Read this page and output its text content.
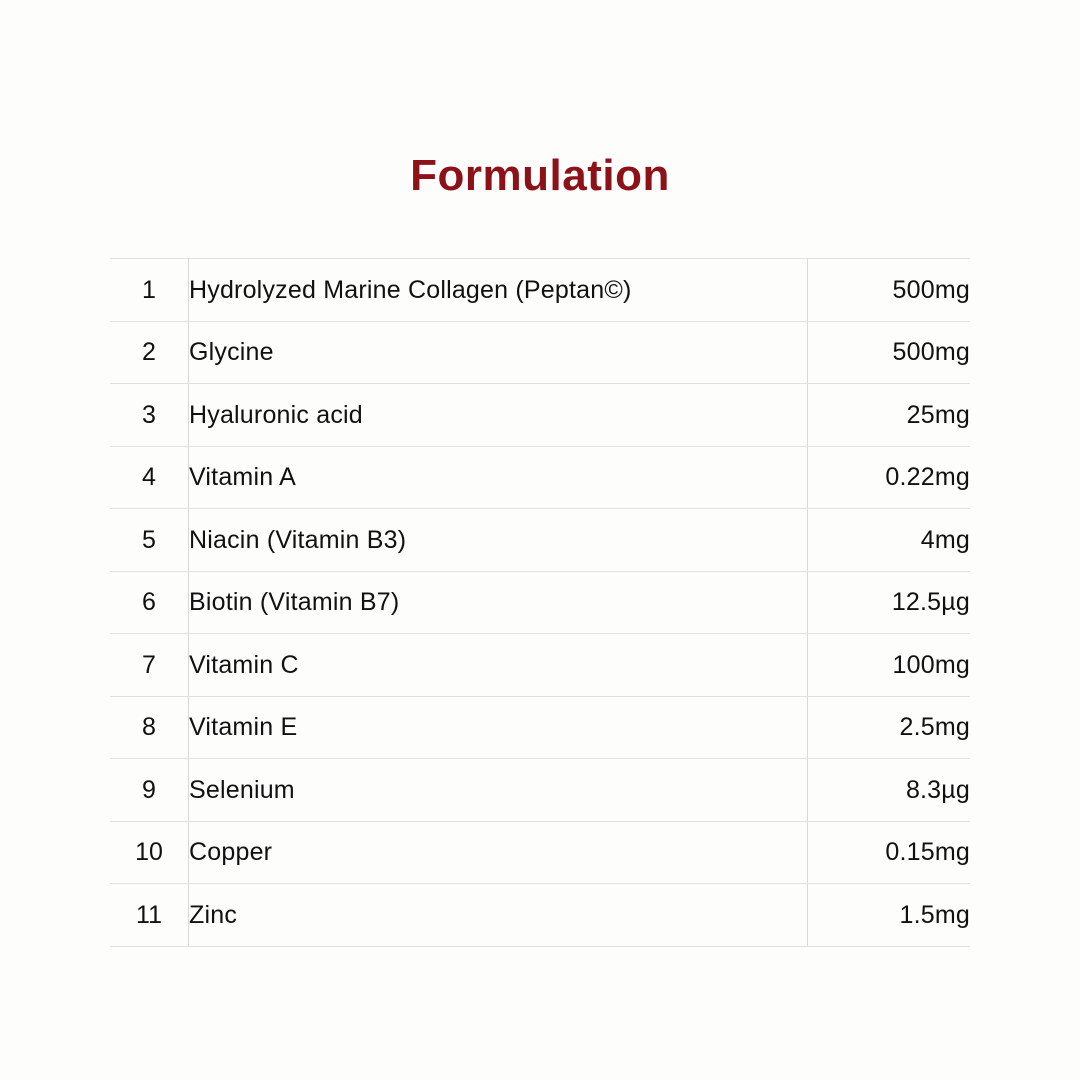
Formulation
1	Hydrolyzed Marine Collagen (Peptan©)	500mg
2	Glycine	500mg
3	Hyaluronic acid	25mg
4	Vitamin A	0.22mg
5	Niacin (Vitamin B3)	4mg
6	Biotin (Vitamin B7)	12.5µg
7	Vitamin C	100mg
8	Vitamin E	2.5mg
9	Selenium	8.3µg
10	Copper	0.15mg
11	Zinc	1.5mg
